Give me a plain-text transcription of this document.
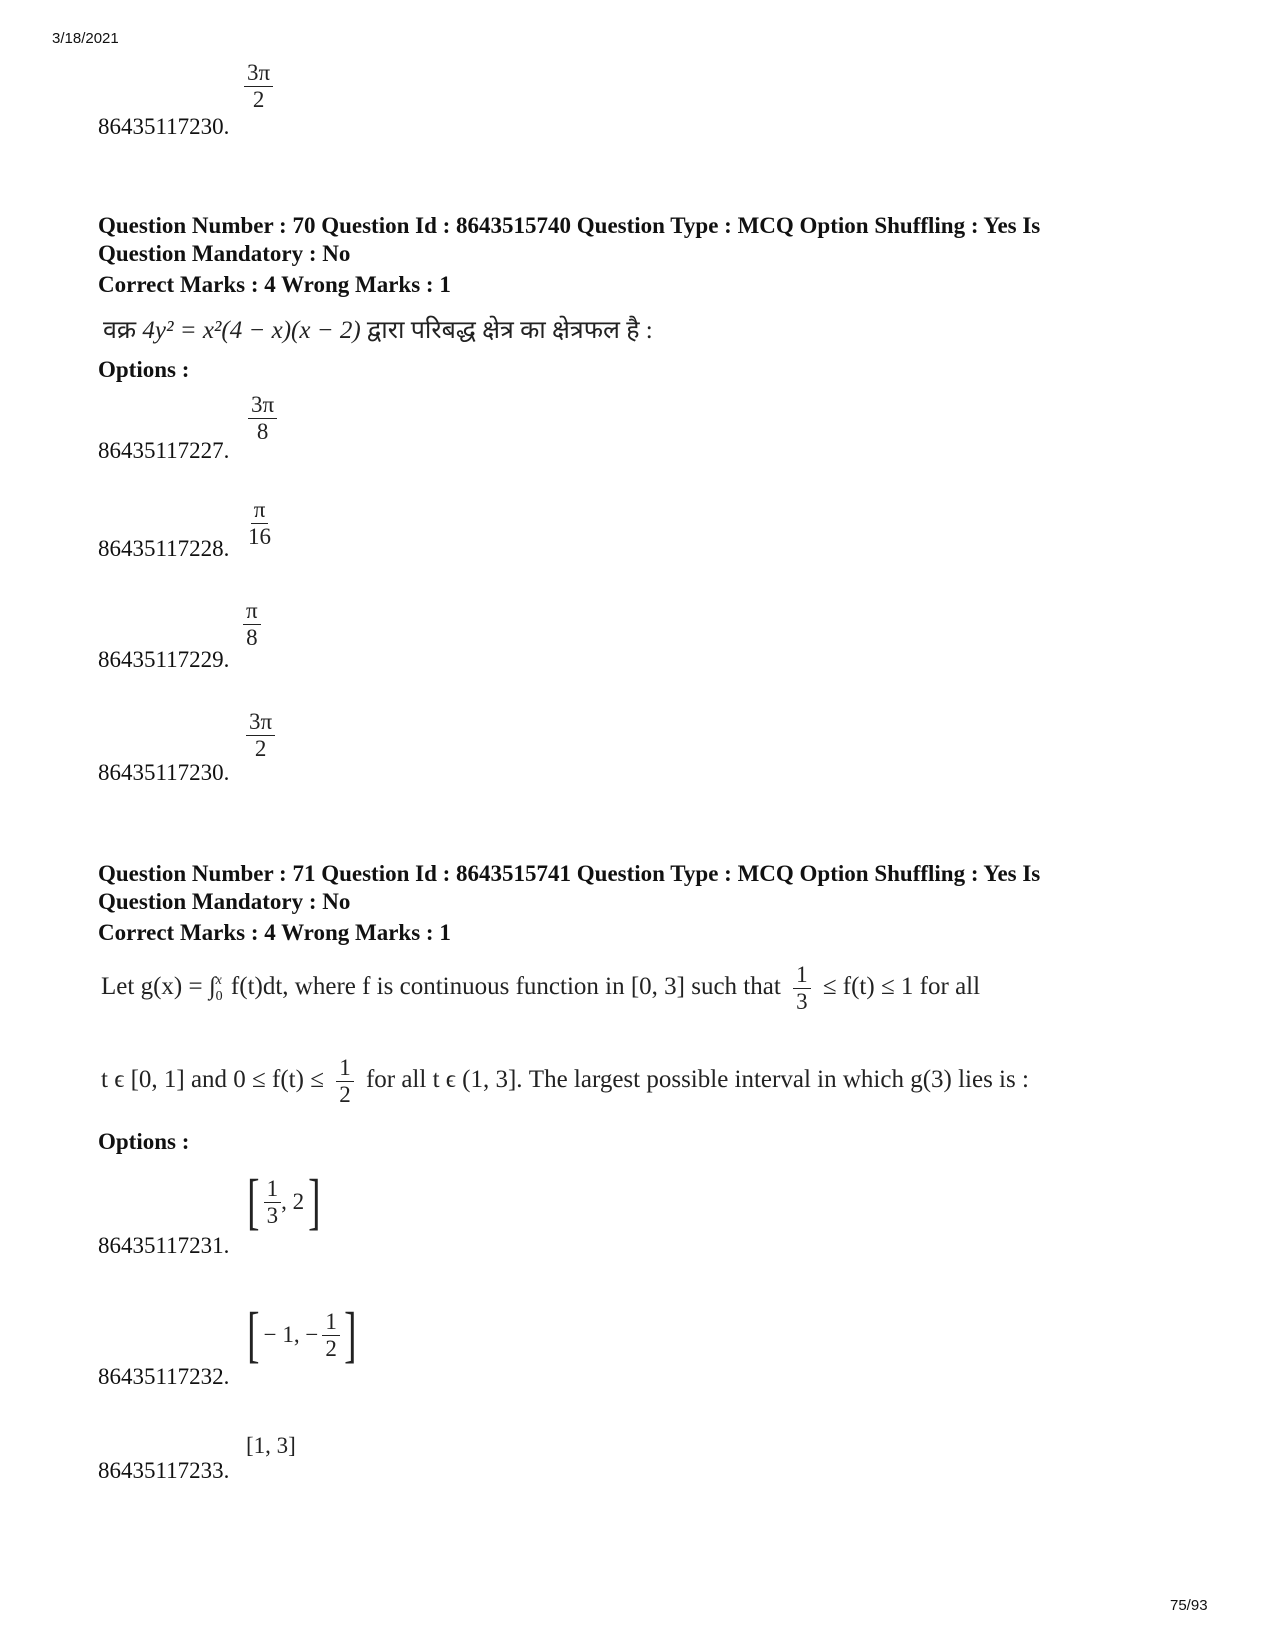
3/18/2021
75/93
86435117230.
$\frac{3\pi}{2}$
Question Number : 70 Question Id : 8643515740 Question Type : MCQ Option Shuffling : Yes Is
Question Mandatory : No
Correct Marks : 4 Wrong Marks : 1
वक्र 4y² = x²(4 − x)(x − 2) द्वारा परिबद्ध क्षेत्र का क्षेत्रफल है :
Options :
86435117227.
$\frac{3\pi}{8}$
86435117228. $\frac{\pi}{16}$
86435117229.
$\frac{\pi}{8}$
86435117230.
$\frac{3\pi}{2}$
Question Number : 71 Question Id : 8643515741 Question Type : MCQ Option Shuffling : Yes Is
Question Mandatory : No
Correct Marks : 4 Wrong Marks : 1
Let g(x) = ∫ x
0 f(t)dt, where f is continuous function in [0, 3] such that $\frac{1}{3} \le f(t) \le 1$ for all
t ϵ [0, 1] and $0 \le f(t) \le \frac{1}{2}$ for all t ϵ (1, 3]. The largest possible interval in which g(3) lies is :
Options :
86435117231.
[ $\frac{1}{3}$ , 2 ]
86435117232.
[ − 1, − $\frac{1}{2}$ ]
86435117233.
[1, 3]
